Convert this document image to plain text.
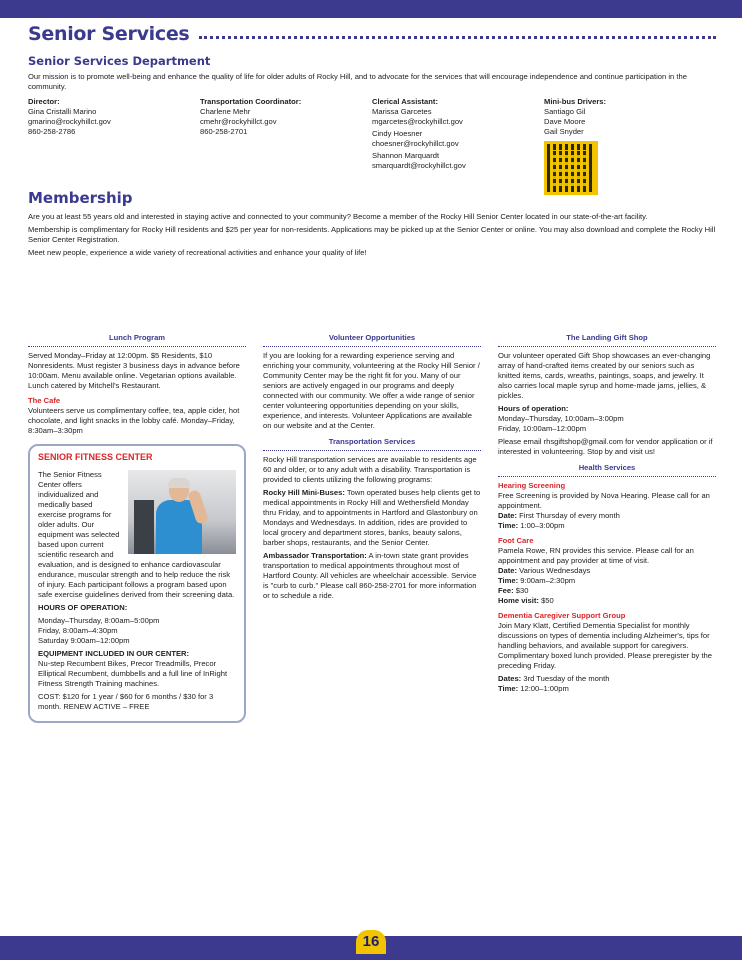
Senior Services
Senior Services Department

Our mission is to promote well-being and enhance the quality of life for older adults of Rocky Hill, and to advocate for the services that will encourage independence and continue participation in the community.

Director:
Gina Cristalli Marino
gmarino@rockyhillct.gov
860-258-2786
Transportation Coordinator:
Charlene Mehr
cmehr@rockyhillct.gov
860-258-2701
Clerical Assistant:
Marissa Garcetes
mgarcetes@rockyhillct.gov
Cindy Hoesner
choesner@rockyhillct.gov
Shannon Marquardt
smarquardt@rockyhillct.gov
Mini-bus Drivers:
Santiago Gil
Dave Moore
Gail Snyder
Membership

Are you at least 55 years old and interested in staying active and connected to your community? Become a member of the Rocky Hill Senior Center located in our state-of-the-art facility.

Membership is complimentary for Rocky Hill residents and $25 per year for non-residents. Applications may be picked up at the Senior Center or online. You may also download and complete the Rocky Hill Senior Center Registration.

Meet new people, experience a wide variety of recreational activities and enhance your quality of life!

Lunch Program

Served Monday–Friday at 12:00pm. $5 Residents, $10 Nonresidents. Must register 3 business days in advance before 10:00am. Menu available online. Vegetarian options available. Lunch catered by Mitchell's Restaurant.

The Cafe

Volunteers serve us complimentary coffee, tea, apple cider, hot chocolate, and light snacks in the lobby café. Monday–Friday, 8:30am–3:30pm

SENIOR FITNESS CENTER

The Senior Fitness Center offers individualized and medically based exercise programs for older adults. Our equipment was selected based upon current scientific research and evaluation, and is designed to enhance cardiovascular endurance, muscular strength and to help reduce the risk of injury. Each participant follows a program based upon safe exercise guidelines derived from their screening data.

HOURS OF OPERATION:

Monday–Thursday, 8:00am–5:00pm

Friday, 8:00am–4:30pm

Saturday 9:00am–12:00pm

EQUIPMENT INCLUDED IN OUR CENTER:

Nu-step Recumbent Bikes, Precor Treadmills, Precor Elliptical Recumbent, dumbbells and a full line of InRight Fitness Strength Training machines.

COST: $120 for 1 year / $60 for 6 months / $30 for 3 month. RENEW ACTIVE – FREE

Volunteer Opportunities

If you are looking for a rewarding experience serving and enriching your community, volunteering at the Rocky Hill Senior / Community Center may be the right fit for you. Many of our seniors are actively engaged in our programs and deeply connected with our community. We offer a wide range of senior center volunteering opportunities depending on your skills, experience, and interests. Volunteer Applications are available on our website and at the Center.

Transportation Services

Rocky Hill transportation services are available to residents age 60 and older, or to any adult with a disability. Transportation is provided to clients utilizing the following programs:

Rocky Hill Mini-Buses: Town operated buses help clients get to medical appointments in Rocky Hill and Wethersfield Monday thru Friday, and to appointments in Hartford and Glastonbury on Mondays and Wednesdays. In addition, rides are provided to local grocery and department stores, banks, beauty salons, barber shops, restaurants, and the Senior Center.

Ambassador Transportation: A in-town state grant provides transportation to medical appointments throughout most of Hartford County. All vehicles are wheelchair accessible. Service is "curb to curb." Please call 860-258-2701 for more information or to schedule a ride.

The Landing Gift Shop

Our volunteer operated Gift Shop showcases an ever-changing array of hand-crafted items created by our seniors such as knitted items, cards, wreaths, paintings, soaps, and jewelry. It also carries local maple syrup and home-made jams, jellies, & pickles.

Hours of operation:

Monday–Thursday, 10:00am–3:00pm

Friday, 10:00am–12:00pm

Please email rhsgiftshop@gmail.com for vendor application or if interested in volunteering. Stop by and visit us!

Health Services
Hearing Screening

Free Screening is provided by Nova Hearing. Please call for an appointment.

Date: First Thursday of every month

Time: 1:00–3:00pm

Foot Care

Pamela Rowe, RN provides this service. Please call for an appointment and pay provider at time of visit.

Date: Various Wednesdays

Time: 9:00am–2:30pm

Fee: $30

Home visit: $50

Dementia Caregiver Support Group

Join Mary Klatt, Certified Dementia Specialist for monthly discussions on types of dementia including Alzheimer's, tips for handling behaviors, and available support for caregivers. Complimentary boxed lunch provided. Please preregister by the preceding Friday.

Dates: 3rd Tuesday of the month

Time: 12:00–1:00pm

16
